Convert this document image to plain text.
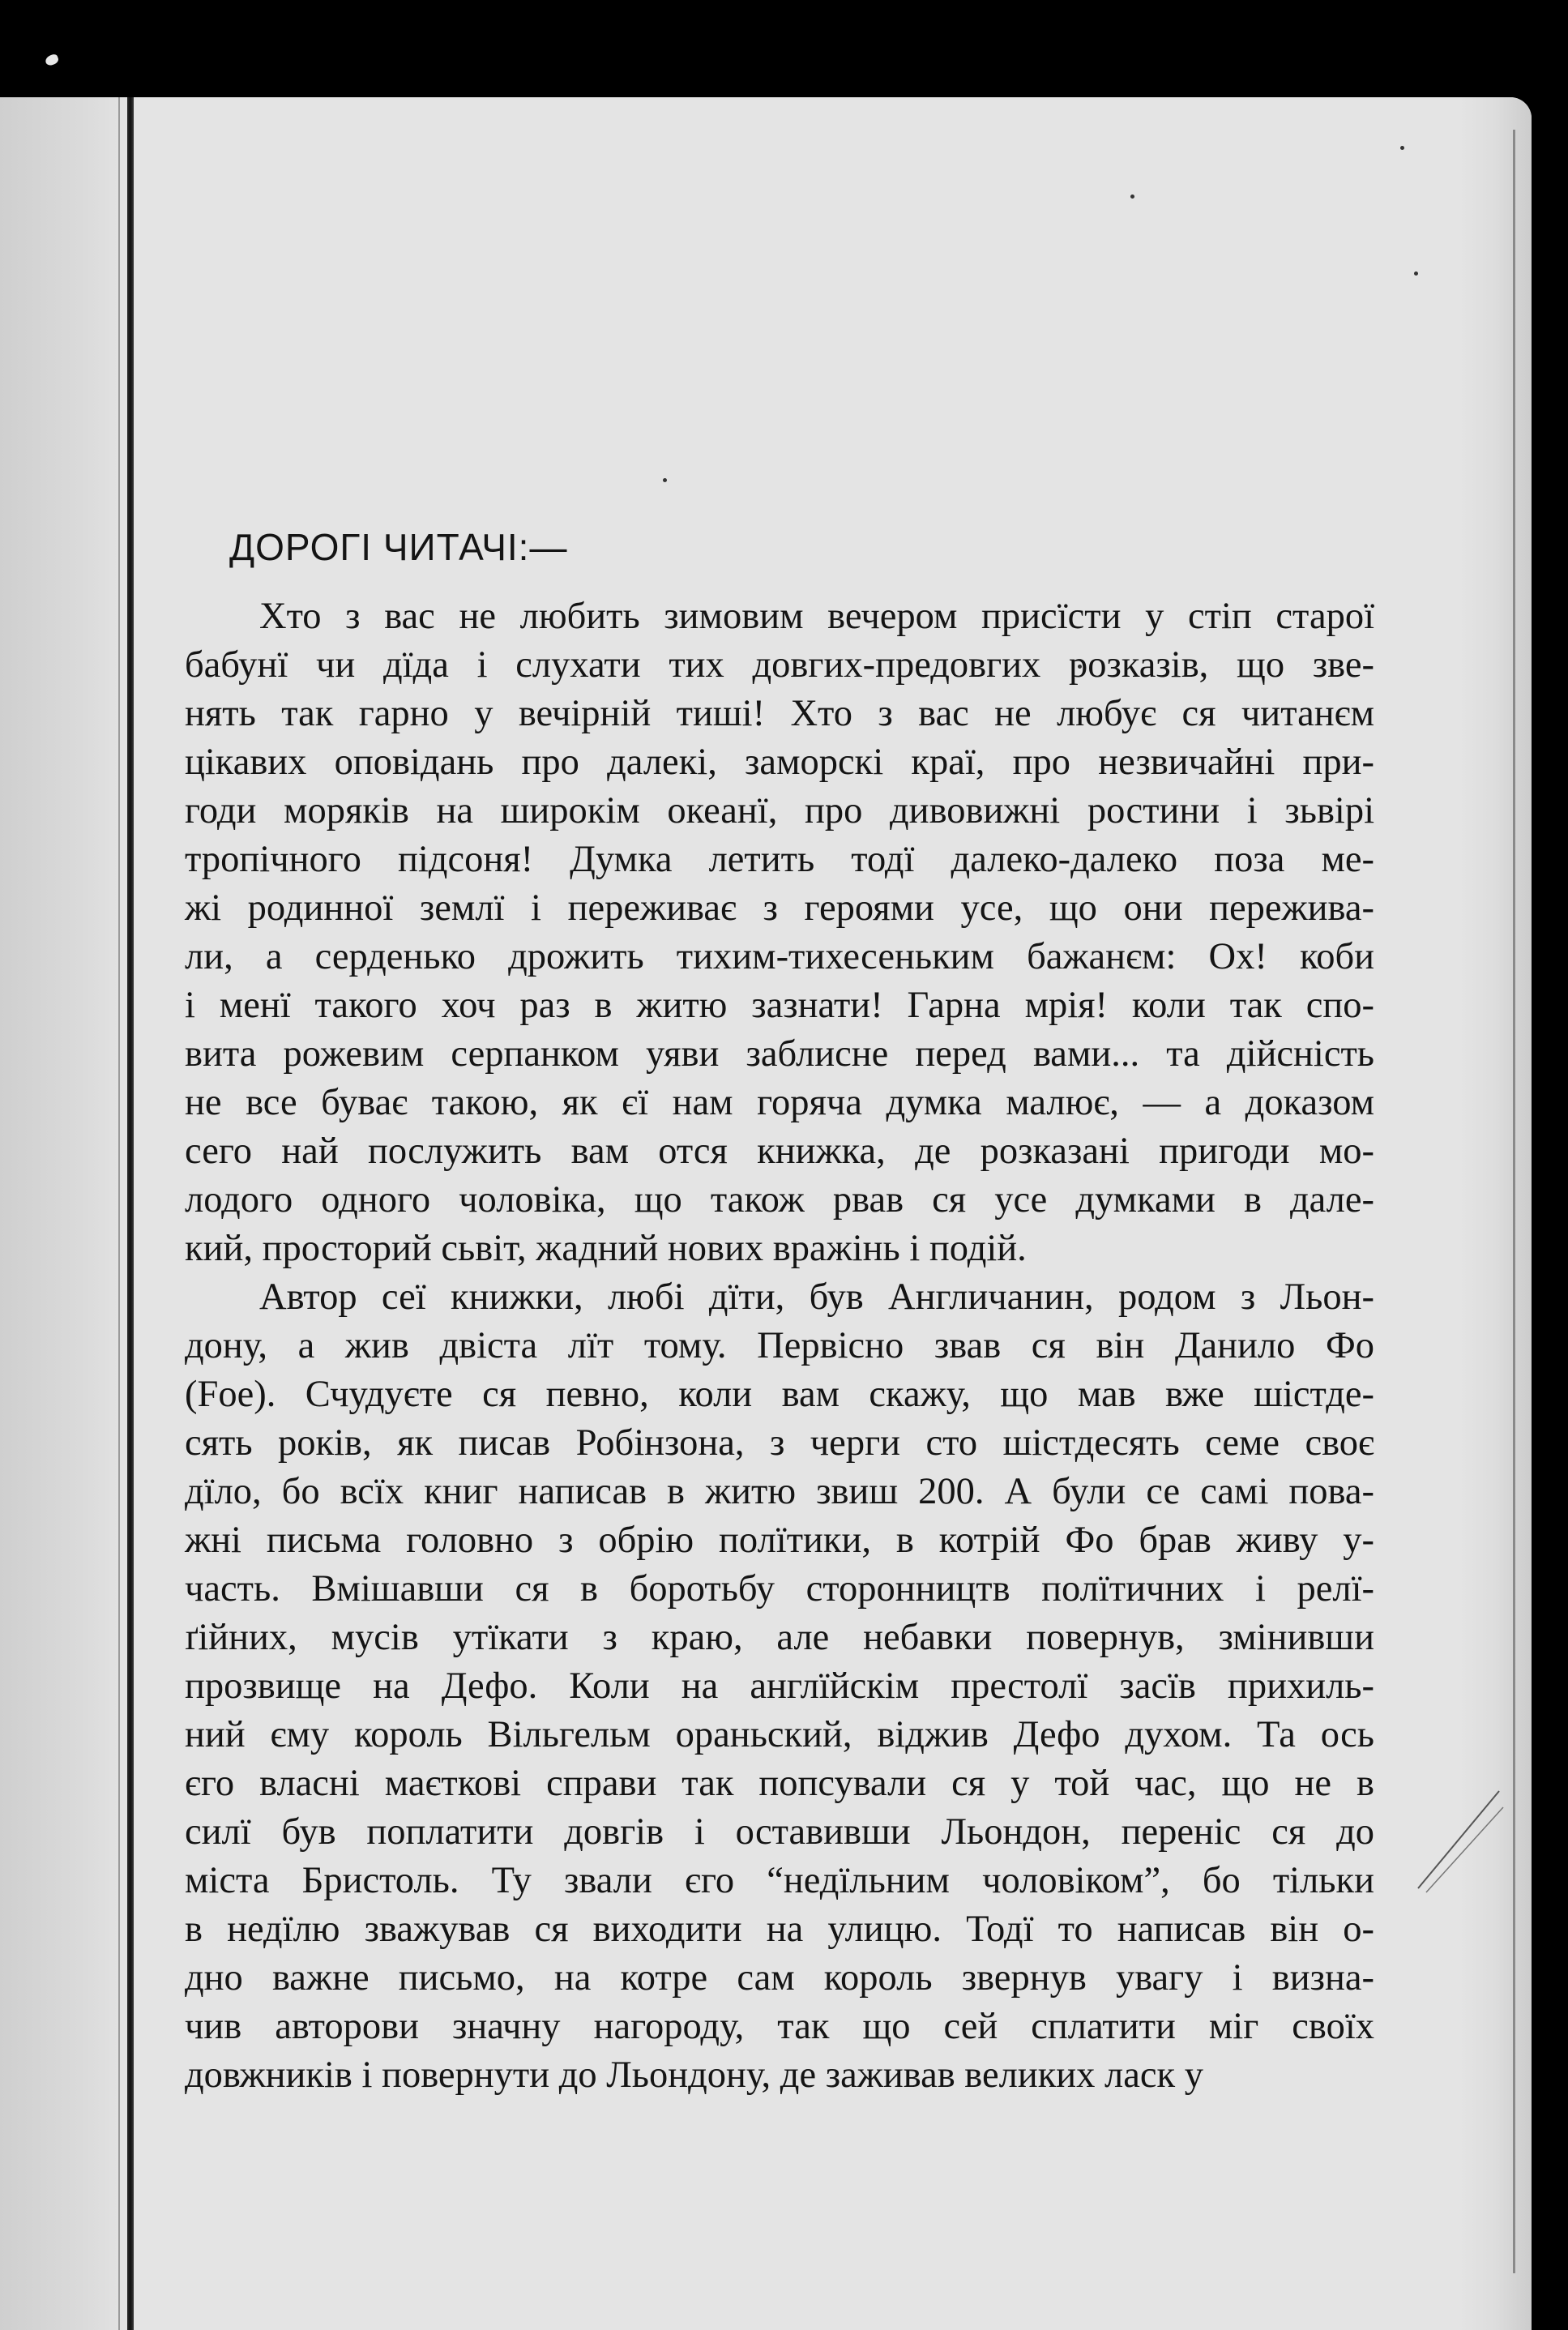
ДОРОГІ ЧИТАЧІ:—
Хто з вас не любить зимовим вечером присїсти у стіп старої
бабунї чи дїда і слухати тих довгих-предовгих розказів, що зве-
нять так гарно у вечірній тиші! Хто з вас не любує ся читанєм
цікавих оповідань про далекі, заморскі краї, про незвичайні при-
годи моряків на широкім океанї, про дивовижні ростини і зьвірі
тропічного підсоня! Думка летить тодї далеко-далеко поза ме-
жі родинної землї і переживає з героями усе, що они пережива-
ли, а серденько дрожить тихим-тихесеньким бажанєм: Ох! коби
і менї такого хоч раз в житю зазнати! Гарна мрія! коли так спо-
вита рожевим серпанком уяви заблисне перед вами... та дійсність
не все буває такою, як єї нам горяча думка малює, — а доказом
сего най послужить вам отся книжка, де розказані пригоди мо-
лодого одного чоловіка, що також рвав ся усе думками в дале-
кий, просторий сьвіт, жадний нових вражінь і подій.
Автор сеї книжки, любі дїти, був Англичанин, родом з Льон-
дону, а жив двіста лїт тому. Первісно звав ся він Данило Фо
(Foe). Счудуєте ся певно, коли вам скажу, що мав вже шістде-
сять років, як писав Робінзона, з черги сто шістдесять семе своє
дїло, бо всїх книг написав в житю звиш 200. А були се самі пова-
жні письма головно з обрію полїтики, в котрій Фо брав живу у-
часть. Вмішавши ся в боротьбу сторонництв полїтичних і релї-
ґійних, мусів утїкати з краю, але небавки повернув, змінивши
прозвище на Дефо. Коли на англїйскім престолї засїв прихиль-
ний єму король Вільгельм ораньский, віджив Дефо духом. Та ось
єго власні маєткові справи так попсували ся у той час, що не в
силї був поплатити довгів і оставивши Льондон, переніс ся до
міста Бристоль. Ту звали єго “недїльним чоловіком”, бо тільки
в недїлю зважував ся виходити на улицю. Тодї то написав він о-
дно важне письмо, на котре сам король звернув увагу і визна-
чив авторови значну нагороду, так що сей сплатити міг своїх
довжників і повернути до Льондону, де заживав великих ласк у
